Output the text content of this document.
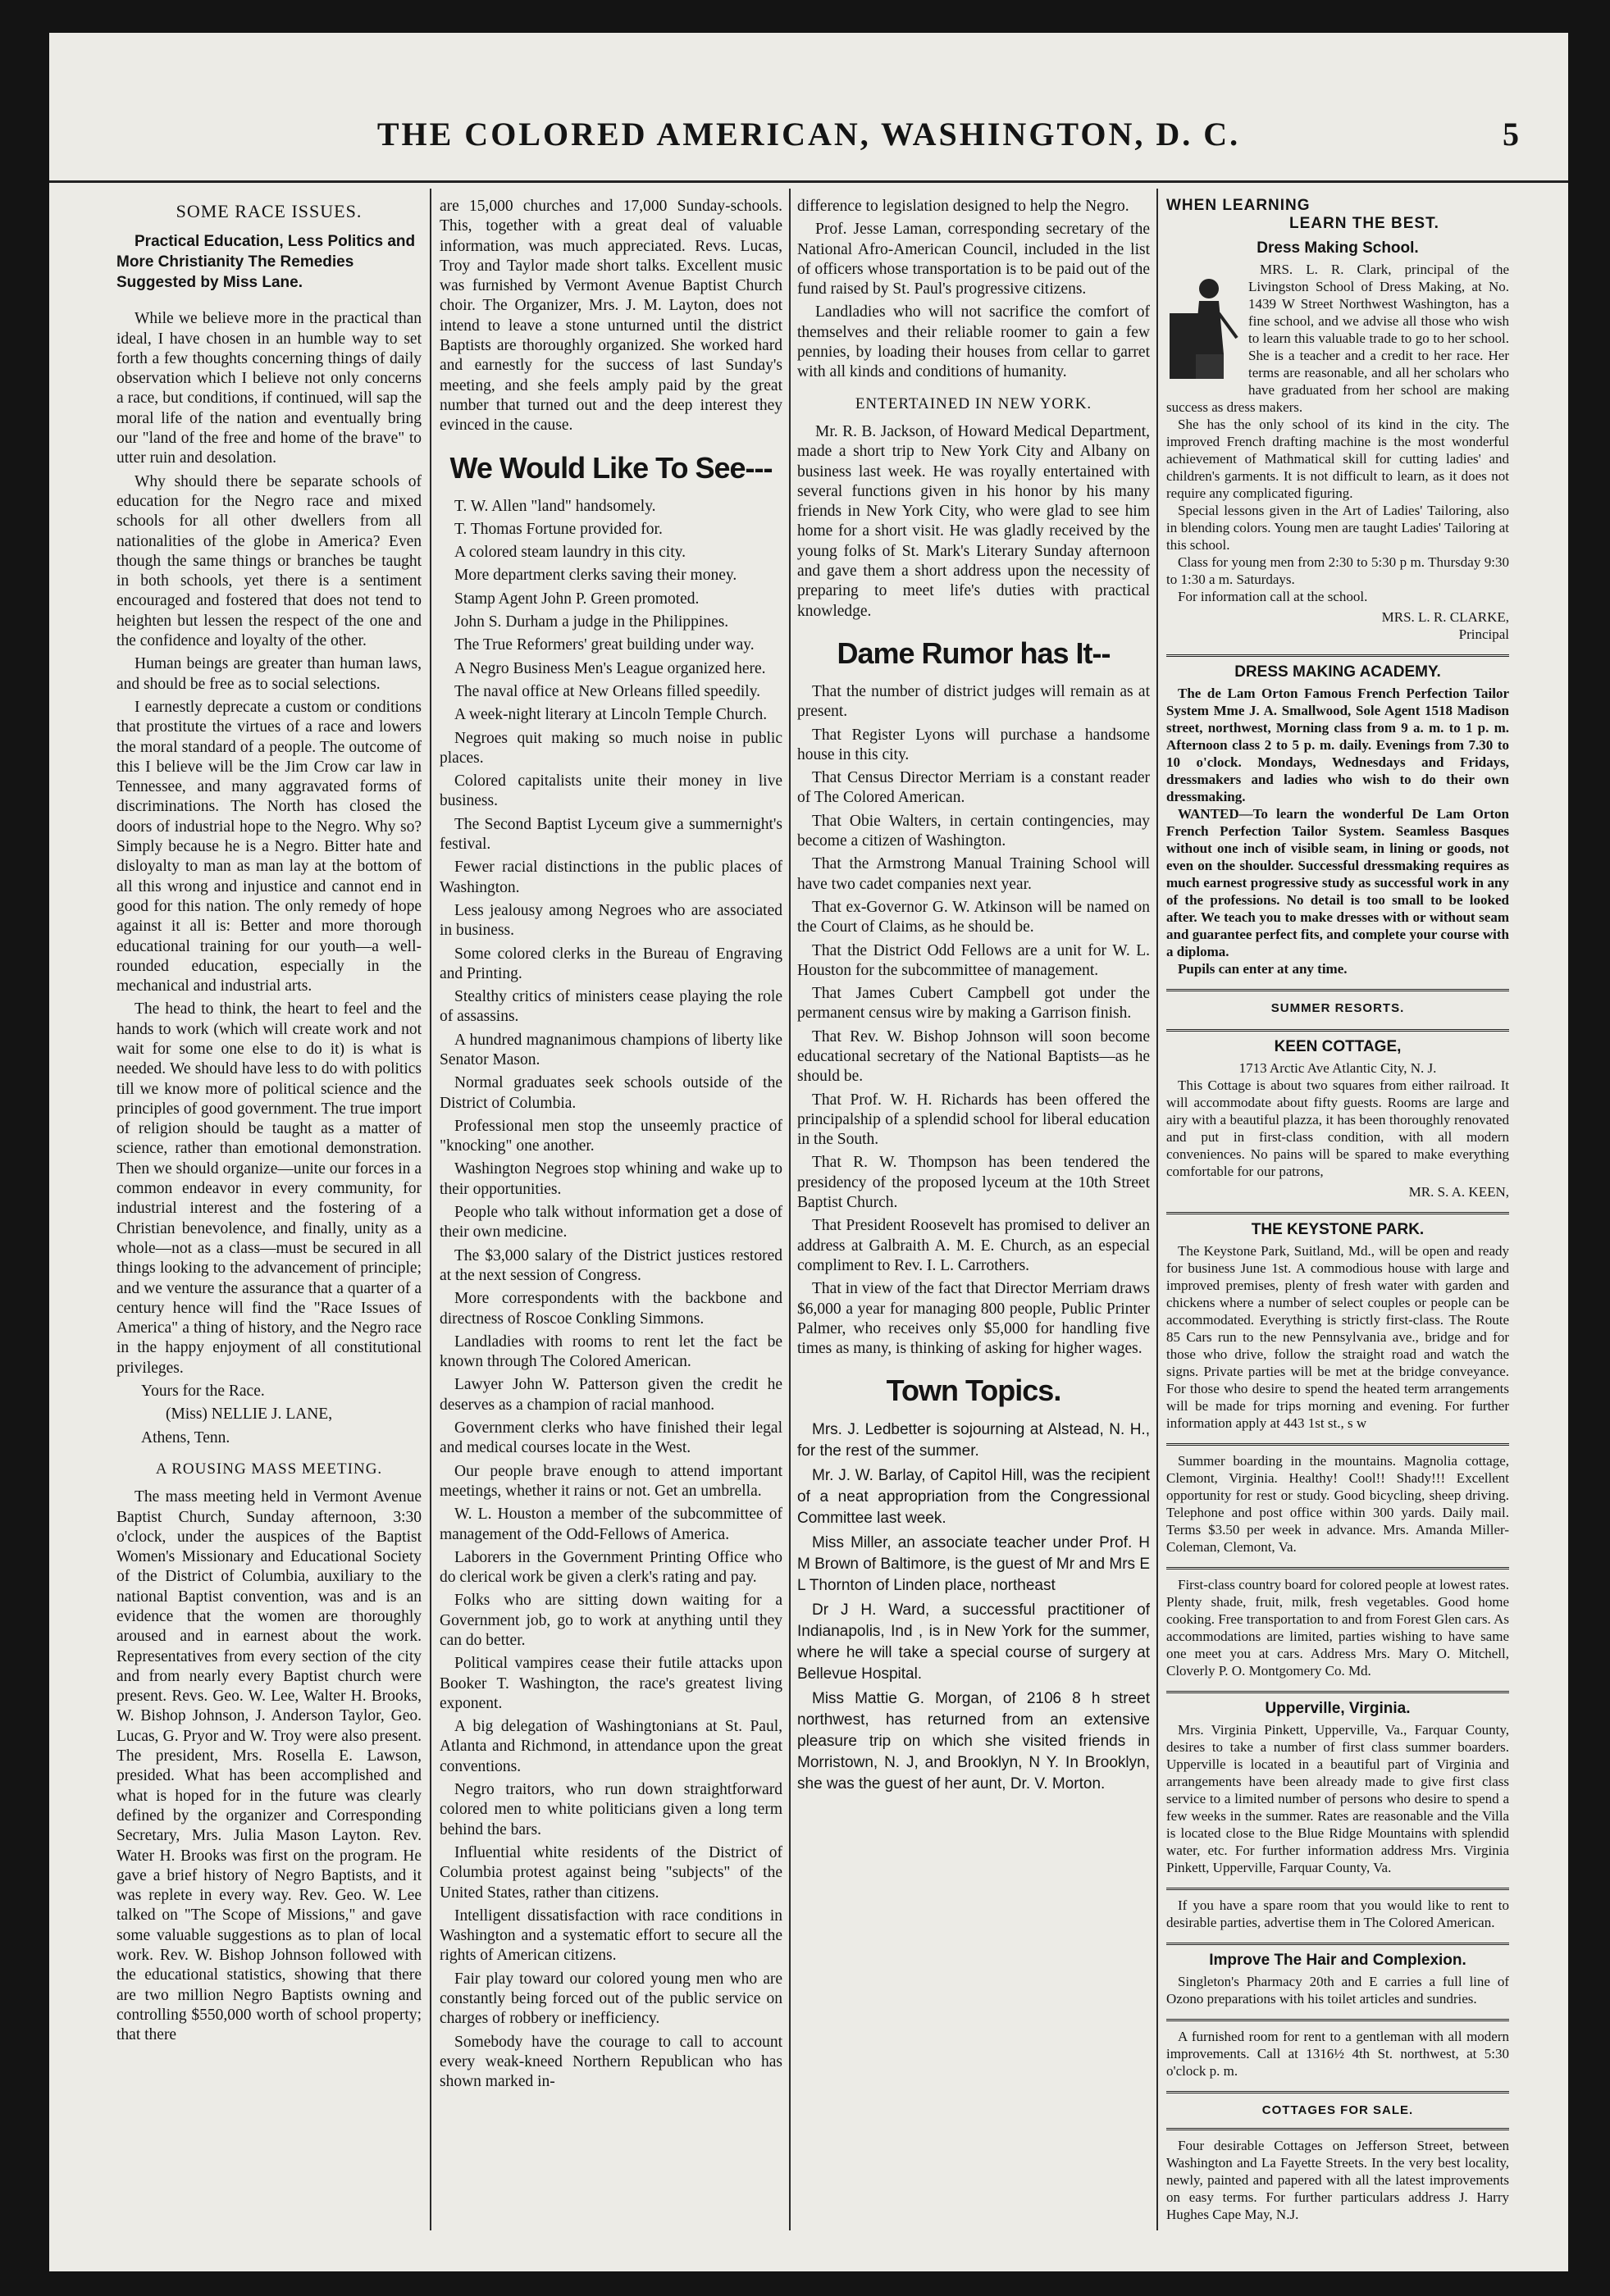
THE COLORED AMERICAN, WASHINGTON, D. C.	5
SOME RACE ISSUES.
Practical Education, Less Politics and More Christianity The Remedies Suggested by Miss Lane.

While we believe more in the practical than ideal, I have chosen in an humble way to set forth a few thoughts concerning things of daily observation which I believe not only concerns a race, but conditions, if continued, will sap the moral life of the nation and eventually bring our "land of the free and home of the brave" to utter ruin and desolation.

Why should there be separate schools of education for the Negro race and mixed schools for all other dwellers from all nationalities of the globe in America? Even though the same things or branches be taught in both schools, yet there is a sentiment encouraged and fostered that does not tend to heighten but lessen the respect of the one and the confidence and loyalty of the other.

Human beings are greater than human laws, and should be free as to social selections.

I earnestly deprecate a custom or conditions that prostitute the virtues of a race and lowers the moral standard of a people. The outcome of this I believe will be the Jim Crow car law in Tennessee, and many aggravated forms of discriminations. The North has closed the doors of industrial hope to the Negro. Why so? Simply because he is a Negro. Bitter hate and disloyalty to man as man lay at the bottom of all this wrong and injustice and cannot end in good for this nation. The only remedy of hope against it all is: Better and more thorough educational training for our youth—a well-rounded education, especially in the mechanical and industrial arts.

The head to think, the heart to feel and the hands to work (which will create work and not wait for some one else to do it) is what is needed. We should have less to do with politics till we know more of political science and the principles of good government. The true import of religion should be taught as a matter of science, rather than emotional demonstration. Then we should organize—unite our forces in a common endeavor in every community, for industrial interest and the fostering of a Christian benevolence, and finally, unity as a whole—not as a class—must be secured in all things looking to the advancement of principle; and we venture the assurance that a quarter of a century hence will find the "Race Issues of America" a thing of history, and the Negro race in the happy enjoyment of all constitutional privileges.

Yours for the Race.

(Miss) NELLIE J. LANE,

Athens, Tenn.

A ROUSING MASS MEETING.

The mass meeting held in Vermont Avenue Baptist Church, Sunday afternoon, 3:30 o'clock, under the auspices of the Baptist Women's Missionary and Educational Society of the District of Columbia, auxiliary to the national Baptist convention, was and is an evidence that the women are thoroughly aroused and in earnest about the work. Representatives from every section of the city and from nearly every Baptist church were present. Revs. Geo. W. Lee, Walter H. Brooks, W. Bishop Johnson, J. Anderson Taylor, Geo. Lucas, G. Pryor and W. Troy were also present. The president, Mrs. Rosella E. Lawson, presided. What has been accomplished and what is hoped for in the future was clearly defined by the organizer and Corresponding Secretary, Mrs. Julia Mason Layton. Rev. Water H. Brooks was first on the program. He gave a brief history of Negro Baptists, and it was replete in every way. Rev. Geo. W. Lee talked on "The Scope of Missions," and gave some valuable suggestions as to plan of local work. Rev. W. Bishop Johnson followed with the educational statistics, showing that there are two million Negro Baptists owning and controlling $550,000 worth of school property; that there

are 15,000 churches and 17,000 Sunday-schools. This, together with a great deal of valuable information, was much appreciated. Revs. Lucas, Troy and Taylor made short talks. Excellent music was furnished by Vermont Avenue Baptist Church choir. The Organizer, Mrs. J. M. Layton, does not intend to leave a stone unturned until the district Baptists are thoroughly organized. She worked hard and earnestly for the success of last Sunday's meeting, and she feels amply paid by the great number that turned out and the deep interest they evinced in the cause.

We Would Like To See---

T. W. Allen "land" handsomely.

T. Thomas Fortune provided for.

A colored steam laundry in this city.

More department clerks saving their money.

Stamp Agent John P. Green promoted.

John S. Durham a judge in the Philippines.

The True Reformers' great building under way.

A Negro Business Men's League organized here.

The naval office at New Orleans filled speedily.

A week-night literary at Lincoln Temple Church.

Negroes quit making so much noise in public places.

Colored capitalists unite their money in live business.

The Second Baptist Lyceum give a summernight's festival.

Fewer racial distinctions in the public places of Washington.

Less jealousy among Negroes who are associated in business.

Some colored clerks in the Bureau of Engraving and Printing.

Stealthy critics of ministers cease playing the role of assassins.

A hundred magnanimous champions of liberty like Senator Mason.

Normal graduates seek schools outside of the District of Columbia.

Professional men stop the unseemly practice of "knocking" one another.

Washington Negroes stop whining and wake up to their opportunities.

People who talk without information get a dose of their own medicine.

The $3,000 salary of the District justices restored at the next session of Congress.

More correspondents with the backbone and directness of Roscoe Conkling Simmons.

Landladies with rooms to rent let the fact be known through The Colored American.

Lawyer John W. Patterson given the credit he deserves as a champion of racial manhood.

Government clerks who have finished their legal and medical courses locate in the West.

Our people brave enough to attend important meetings, whether it rains or not. Get an umbrella.

W. L. Houston a member of the subcommittee of management of the Odd-Fellows of America.

Laborers in the Government Printing Office who do clerical work be given a clerk's rating and pay.

Folks who are sitting down waiting for a Government job, go to work at anything until they can do better.

Political vampires cease their futile attacks upon Booker T. Washington, the race's greatest living exponent.

A big delegation of Washingtonians at St. Paul, Atlanta and Richmond, in attendance upon the great conventions.

Negro traitors, who run down straightforward colored men to white politicians given a long term behind the bars.

Influential white residents of the District of Columbia protest against being "subjects" of the United States, rather than citizens.

Intelligent dissatisfaction with race conditions in Washington and a systematic effort to secure all the rights of American citizens.

Fair play toward our colored young men who are constantly being forced out of the public service on charges of robbery or inefficiency.

Somebody have the courage to call to account every weak-kneed Northern Republican who has shown marked in-

difference to legislation designed to help the Negro.

Prof. Jesse Laman, corresponding secretary of the National Afro-American Council, included in the list of officers whose transportation is to be paid out of the fund raised by St. Paul's progressive citizens.

Landladies who will not sacrifice the comfort of themselves and their reliable roomer to gain a few pennies, by loading their houses from cellar to garret with all kinds and conditions of humanity.

ENTERTAINED IN NEW YORK.

Mr. R. B. Jackson, of Howard Medical Department, made a short trip to New York City and Albany on business last week. He was royally entertained with several functions given in his honor by his many friends in New York City, who were glad to see him home for a short visit. He was gladly received by the young folks of St. Mark's Literary Sunday afternoon and gave them a short address upon the necessity of preparing to meet life's duties with practical knowledge.

Dame Rumor has It--

That the number of district judges will remain as at present.

That Register Lyons will purchase a handsome house in this city.

That Census Director Merriam is a constant reader of The Colored American.

That Obie Walters, in certain contingencies, may become a citizen of Washington.

That the Armstrong Manual Training School will have two cadet companies next year.

That ex-Governor G. W. Atkinson will be named on the Court of Claims, as he should be.

That the District Odd Fellows are a unit for W. L. Houston for the subcommittee of management.

That James Cubert Campbell got under the permanent census wire by making a Garrison finish.

That Rev. W. Bishop Johnson will soon become educational secretary of the National Baptists—as he should be.

That Prof. W. H. Richards has been offered the principalship of a splendid school for liberal education in the South.

That R. W. Thompson has been tendered the presidency of the proposed lyceum at the 10th Street Baptist Church.

That President Roosevelt has promised to deliver an address at Galbraith A. M. E. Church, as an especial compliment to Rev. I. L. Carrothers.

That in view of the fact that Director Merriam draws $6,000 a year for managing 800 people, Public Printer Palmer, who receives only $5,000 for handling five times as many, is thinking of asking for higher wages.

Town Topics.

Mrs. J. Ledbetter is sojourning at Alstead, N. H., for the rest of the summer.

Mr. J. W. Barlay, of Capitol Hill, was the recipient of a neat appropriation from the Congressional Committee last week.

Miss Miller, an associate teacher under Prof. H M Brown of Baltimore, is the guest of Mr and Mrs E L Thornton of Linden place, northeast

Dr J H. Ward, a successful practitioner of Indianapolis, Ind , is in New York for the summer, where he will take a special course of surgery at Bellevue Hospital.

Miss Mattie G. Morgan, of 2106 8 h street northwest, has returned from an extensive pleasure trip on which she visited friends in Morristown, N. J, and Brooklyn, N Y. In Brooklyn, she was the guest of her aunt, Dr. V. Morton.

WHEN LEARNING
LEARN THE BEST.
Dress Making School.

MRS. L. R. Clark, principal of the Livingston School of Dress Making, at No. 1439 W Street Northwest Washington, has a fine school, and we advise all those who wish to learn this valuable trade to go to her school. She is a teacher and a credit to her race. Her terms are reasonable, and all her scholars who have graduated from her school are making success as dress makers.

She has the only school of its kind in the city. The improved French drafting machine is the most wonderful achievement of Mathmatical skill for cutting ladies' and children's garments. It is not difficult to learn, as it does not require any complicated figuring.

Special lessons given in the Art of Ladies' Tailoring, also in blending colors. Young men are taught Ladies' Tailoring at this school.

Class for young men from 2:30 to 5:30 p m. Thursday 9:30 to 1:30 a m. Saturdays.

For information call at the school.

MRS. L. R. CLARKE,

Principal

DRESS MAKING ACADEMY.

The de Lam Orton Famous French Perfection Tailor System Mme J. A. Smallwood, Sole Agent 1518 Madison street, northwest, Morning class from 9 a. m. to 1 p. m. Afternoon class 2 to 5 p. m. daily. Evenings from 7.30 to 10 o'clock. Mondays, Wednesdays and Fridays, dressmakers and ladies who wish to do their own dressmaking.

WANTED—To learn the wonderful De Lam Orton French Perfection Tailor System. Seamless Basques without one inch of visible seam, in lining or goods, not even on the shoulder. Successful dressmaking requires as much earnest progressive study as successful work in any of the professions. No detail is too small to be looked after. We teach you to make dresses with or without seam and guarantee perfect fits, and complete your course with a diploma.

Pupils can enter at any time.

SUMMER RESORTS.
KEEN COTTAGE,

1713 Arctic Ave Atlantic City, N. J.

This Cottage is about two squares from either railroad. It will accommodate about fifty guests. Rooms are large and airy with a beautiful plazza, it has been thoroughly renovated and put in first-class condition, with all modern conveniences. No pains will be spared to make everything comfortable for our patrons,

MR. S. A. KEEN,

THE KEYSTONE PARK.

The Keystone Park, Suitland, Md., will be open and ready for business June 1st. A commodious house with large and improved premises, plenty of fresh water with garden and chickens where a number of select couples or people can be accommodated. Everything is strictly first-class. The Route 85 Cars run to the new Pennsylvania ave., bridge and for those who drive, follow the straight road and watch the signs. Private parties will be met at the bridge conveyance. For those who desire to spend the heated term arrangements will be made for trips morning and evening. For further information apply at 443 1st st., s w

Summer boarding in the mountains. Magnolia cottage, Clemont, Virginia. Healthy! Cool!! Shady!!! Excellent opportunity for rest or study. Good bicycling, sheep driving. Telephone and post office within 300 yards. Daily mail. Terms $3.50 per week in advance. Mrs. Amanda Miller-Coleman, Clemont, Va.

First-class country board for colored people at lowest rates. Plenty shade, fruit, milk, fresh vegetables. Good home cooking. Free transportation to and from Forest Glen cars. As accommodations are limited, parties wishing to have same one meet you at cars. Address Mrs. Mary O. Mitchell, Cloverly P. O. Montgomery Co. Md.

Upperville, Virginia.

Mrs. Virginia Pinkett, Upperville, Va., Farquar County, desires to take a number of first class summer boarders. Upperville is located in a beautiful part of Virginia and arrangements have been already made to give first class service to a limited number of persons who desire to spend a few weeks in the summer. Rates are reasonable and the Villa is located close to the Blue Ridge Mountains with splendid water, etc. For further information address Mrs. Virginia Pinkett, Upperville, Farquar County, Va.

If you have a spare room that you would like to rent to desirable parties, advertise them in The Colored American.

Improve The Hair and Complexion.

Singleton's Pharmacy 20th and E carries a full line of Ozono preparations with his toilet articles and sundries.

A furnished room for rent to a gentleman with all modern improvements. Call at 1316½ 4th St. northwest, at 5:30 o'clock p. m.

COTTAGES FOR SALE.

Four desirable Cottages on Jefferson Street, between Washington and La Fayette Streets. In the very best locality, newly, painted and papered with all the latest improvements on easy terms. For further particulars address J. Harry Hughes Cape May, N.J.
